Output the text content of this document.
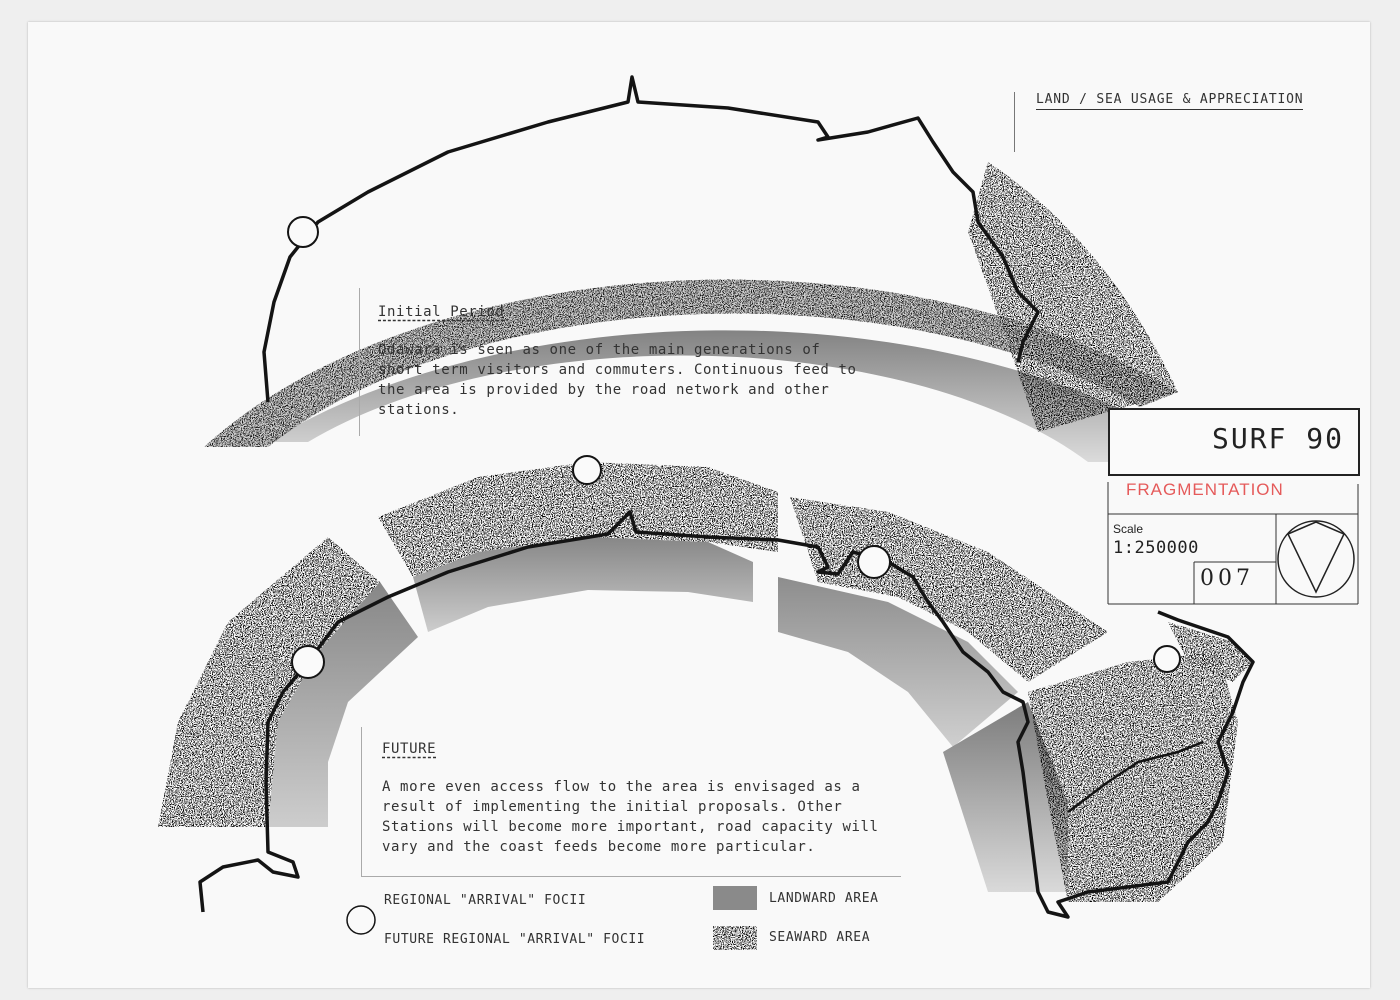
LAND / SEA USAGE & APPRECIATION
Initial Period
Odawara is seen as one of the main generations of short term visitors and commuters. Continuous feed to the area is provided by the road network and other stations.
FUTURE
A more even access flow to the area is envisaged as a result of implementing the initial proposals. Other Stations will become more important, road capacity will vary and the coast feeds become more particular.
SURF 90
FRAGMENTATION
Scale
1:250000
007
REGIONAL "ARRIVAL" FOCII
FUTURE REGIONAL "ARRIVAL" FOCII
LANDWARD AREA
SEAWARD AREA
